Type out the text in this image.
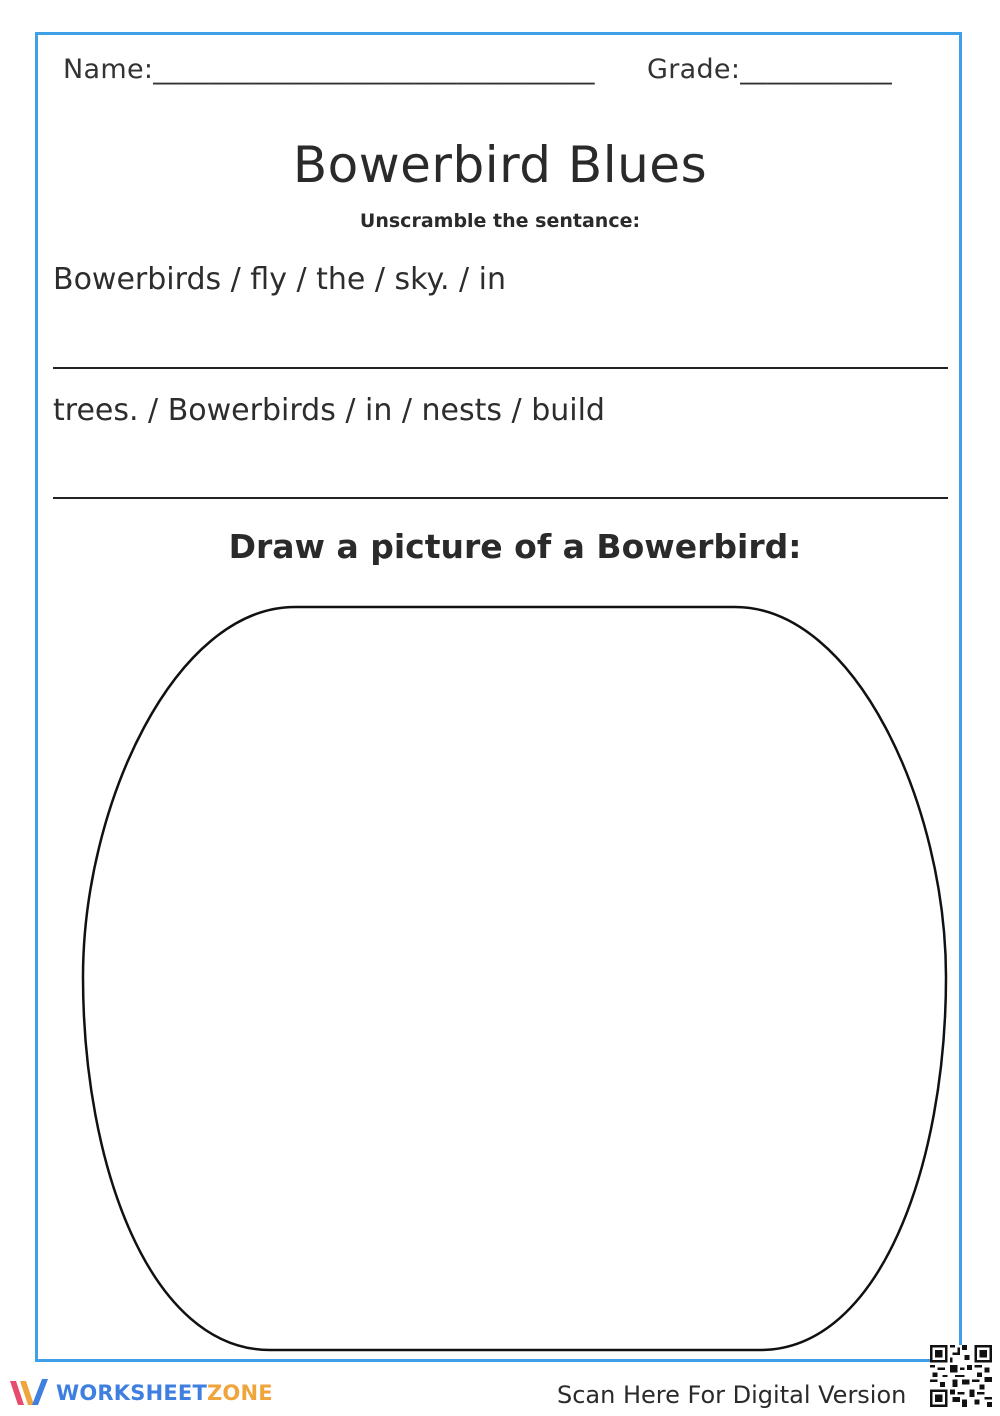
Name:________________________________ Grade:___________
Bowerbird Blues
Unscramble the sentance:
Bowerbirds / fly / the / sky. / in
trees. / Bowerbirds / in / nests / build
Draw a picture of a Bowerbird:
WORKSHEETZONE	Scan Here For Digital Version
